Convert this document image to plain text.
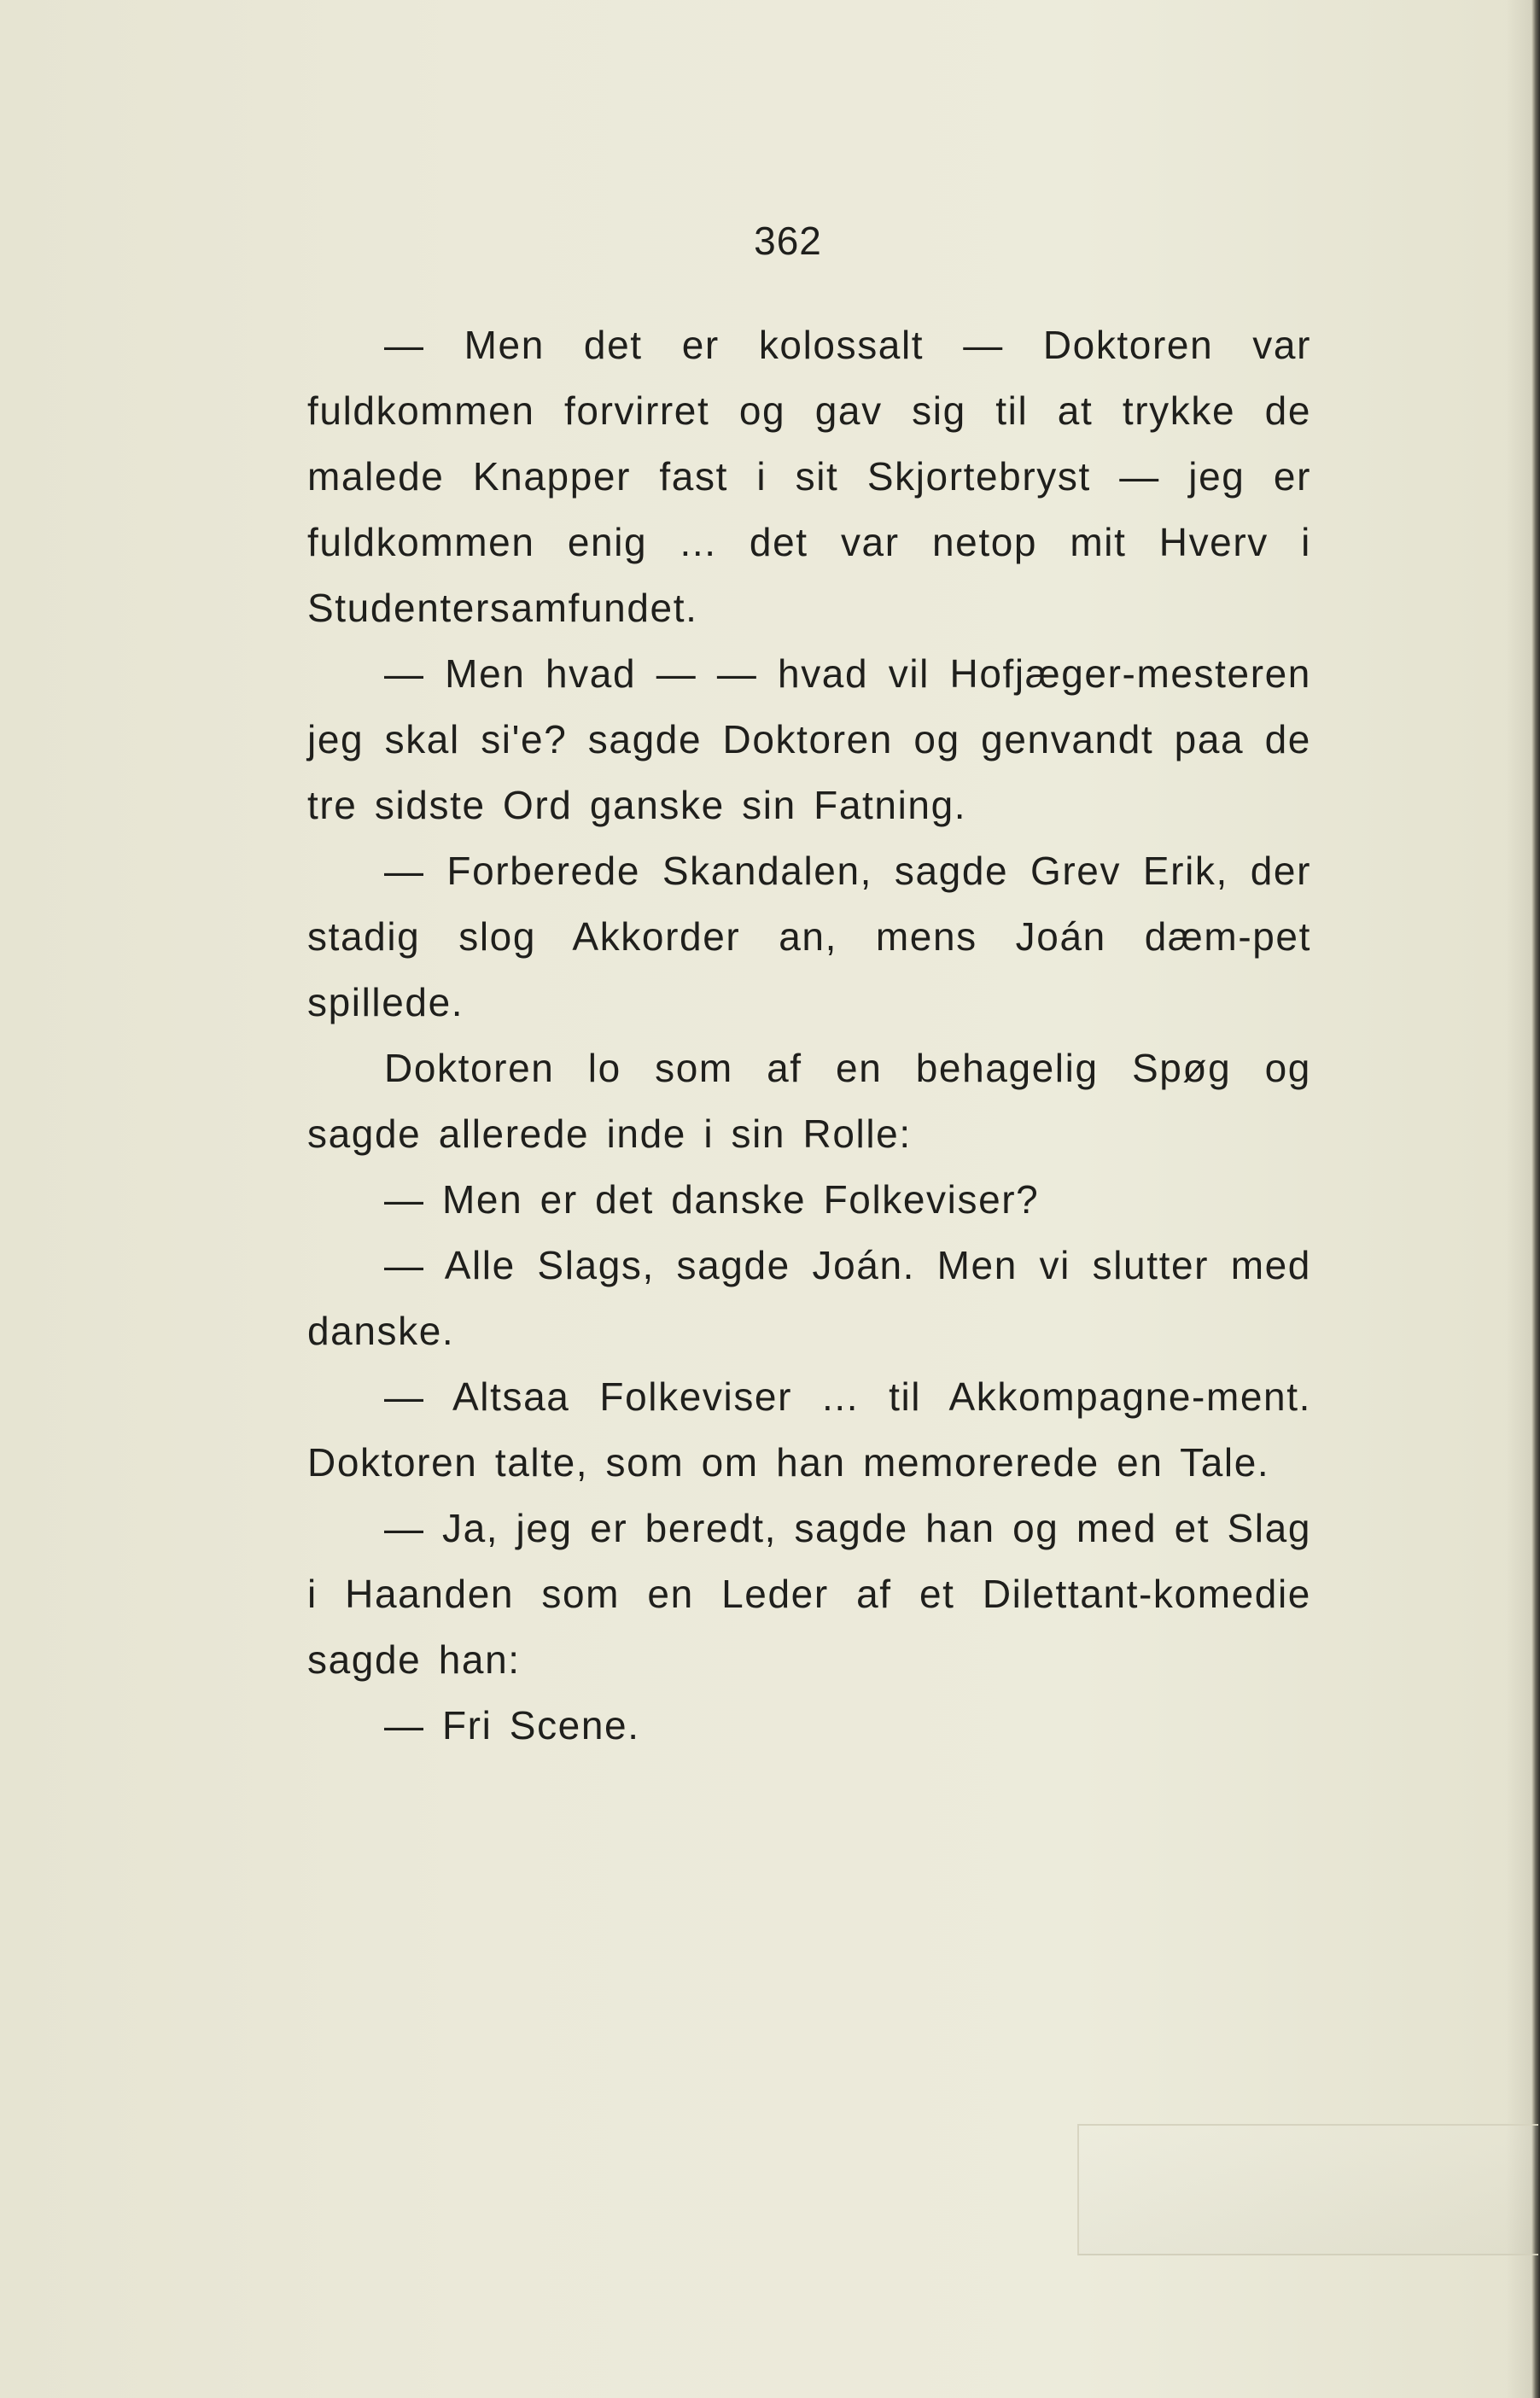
362

— Men det er kolossalt — Doktoren var fuldkommen forvirret og gav sig til at trykke de malede Knapper fast i sit Skjortebryst — jeg er fuldkommen enig ... det var netop mit Hverv i Studentersamfundet.

— Men hvad — — hvad vil Hofjæger-mesteren jeg skal si'e? sagde Doktoren og genvandt paa de tre sidste Ord ganske sin Fatning.

— Forberede Skandalen, sagde Grev Erik, der stadig slog Akkorder an, mens Joán dæm-pet spillede.

Doktoren lo som af en behagelig Spøg og sagde allerede inde i sin Rolle:

— Men er det danske Folkeviser?

— Alle Slags, sagde Joán. Men vi slutter med danske.

— Altsaa Folkeviser ... til Akkompagne-ment. Doktoren talte, som om han memorerede en Tale.

— Ja, jeg er beredt, sagde han og med et Slag i Haanden som en Leder af et Dilettant-komedie sagde han:

— Fri Scene.
